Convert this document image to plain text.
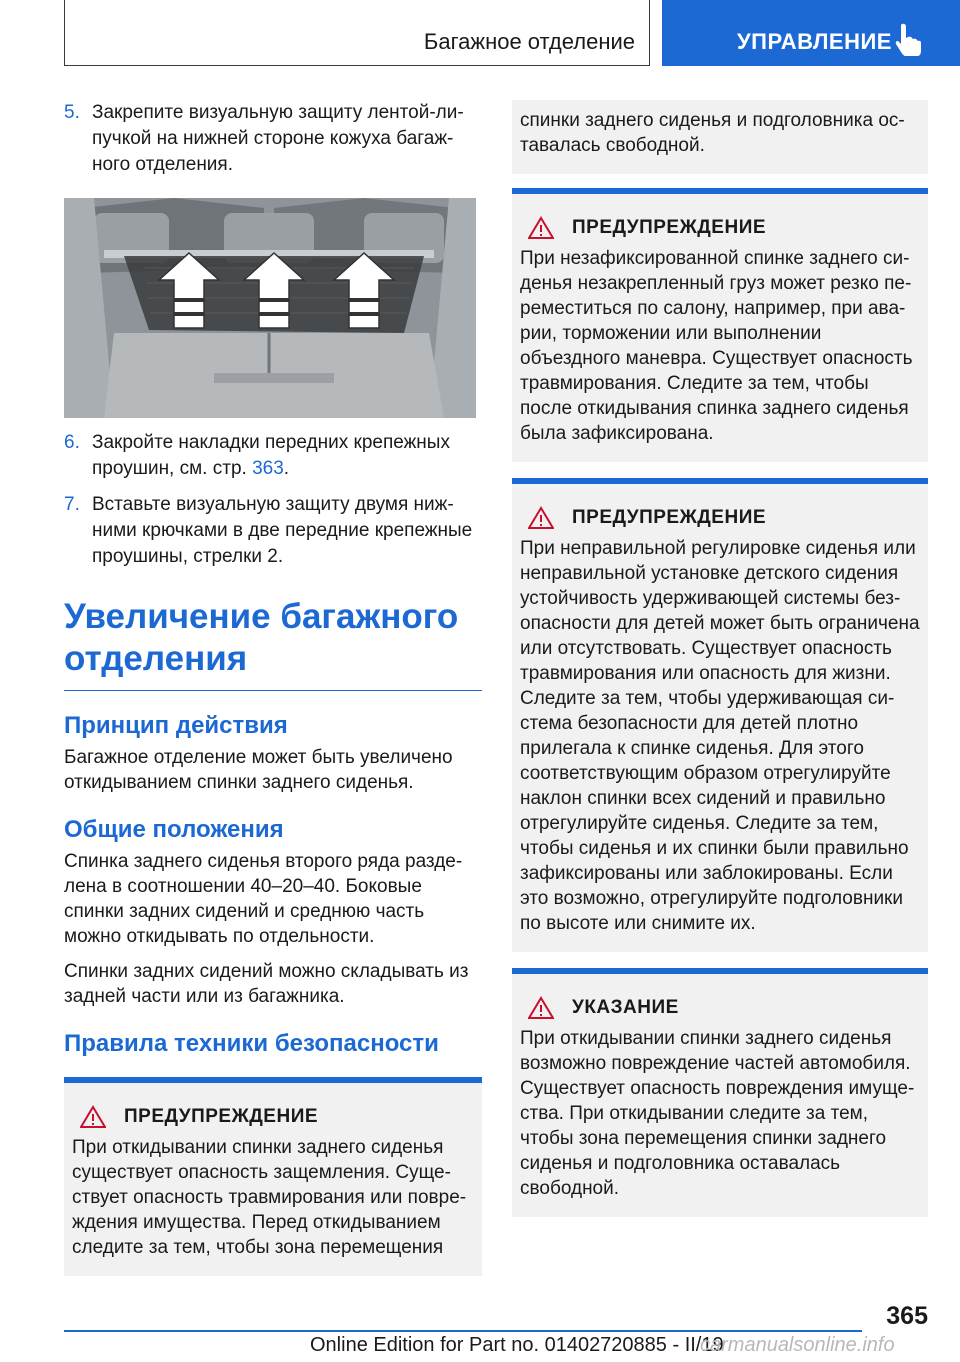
Багажное отделение	УПРАВЛЕНИЕ
5. Закрепите визуальную защиту лентой-липучкой на нижней стороне кожуха багажного отделения.
6. Закройте накладки передних крепежных проушин, см. стр. 363.
7. Вставьте визуальную защиту двумя нижними крючками в две передние крепежные проушины, стрелки 2.
Увеличение багажного отделения
Принцип действия

Багажное отделение может быть увеличено откидыванием спинки заднего сиденья.

Общие положения

Спинка заднего сиденья второго ряда разделена в соотношении 40–20–40. Боковые спинки задних сидений и среднюю часть можно откидывать по отдельности.

Спинки задних сидений можно складывать из задней части или из багажника.

Правила техники безопасности
ПРЕДУПРЕЖДЕНИЕ
При откидывании спинки заднего сиденья существует опасность защемления. Существует опасность травмирования или повреждения имущества. Перед откидыванием следите за тем, чтобы зона перемещения
спинки заднего сиденья и подголовника оставалась свободной.
ПРЕДУПРЕЖДЕНИЕ
При незафиксированной спинке заднего сиденья незакрепленный груз может резко переместиться по салону, например, при аварии, торможении или выполнении объездного маневра. Существует опасность травмирования. Следите за тем, чтобы после откидывания спинка заднего сиденья была зафиксирована.
ПРЕДУПРЕЖДЕНИЕ
При неправильной регулировке сиденья или неправильной установке детского сидения устойчивость удерживающей системы безопасности для детей может быть ограничена или отсутствовать. Существует опасность травмирования или опасность для жизни. Следите за тем, чтобы удерживающая система безопасности для детей плотно прилегала к спинке сиденья. Для этого соответствующим образом отрегулируйте наклон спинки всех сидений и правильно отрегулируйте сиденья. Следите за тем, чтобы сиденья и их спинки были правильно зафиксированы или заблокированы. Если это возможно, отрегулируйте подголовники по высоте или снимите их.
УКАЗАНИЕ
При откидывании спинки заднего сиденья возможно повреждение частей автомобиля. Существует опасность повреждения имущества. При откидывании следите за тем, чтобы зона перемещения спинки заднего сиденья и подголовника оставалась свободной.
365
Online Edition for Part no. 01402720885 - II/19
carmanualsonline.info
